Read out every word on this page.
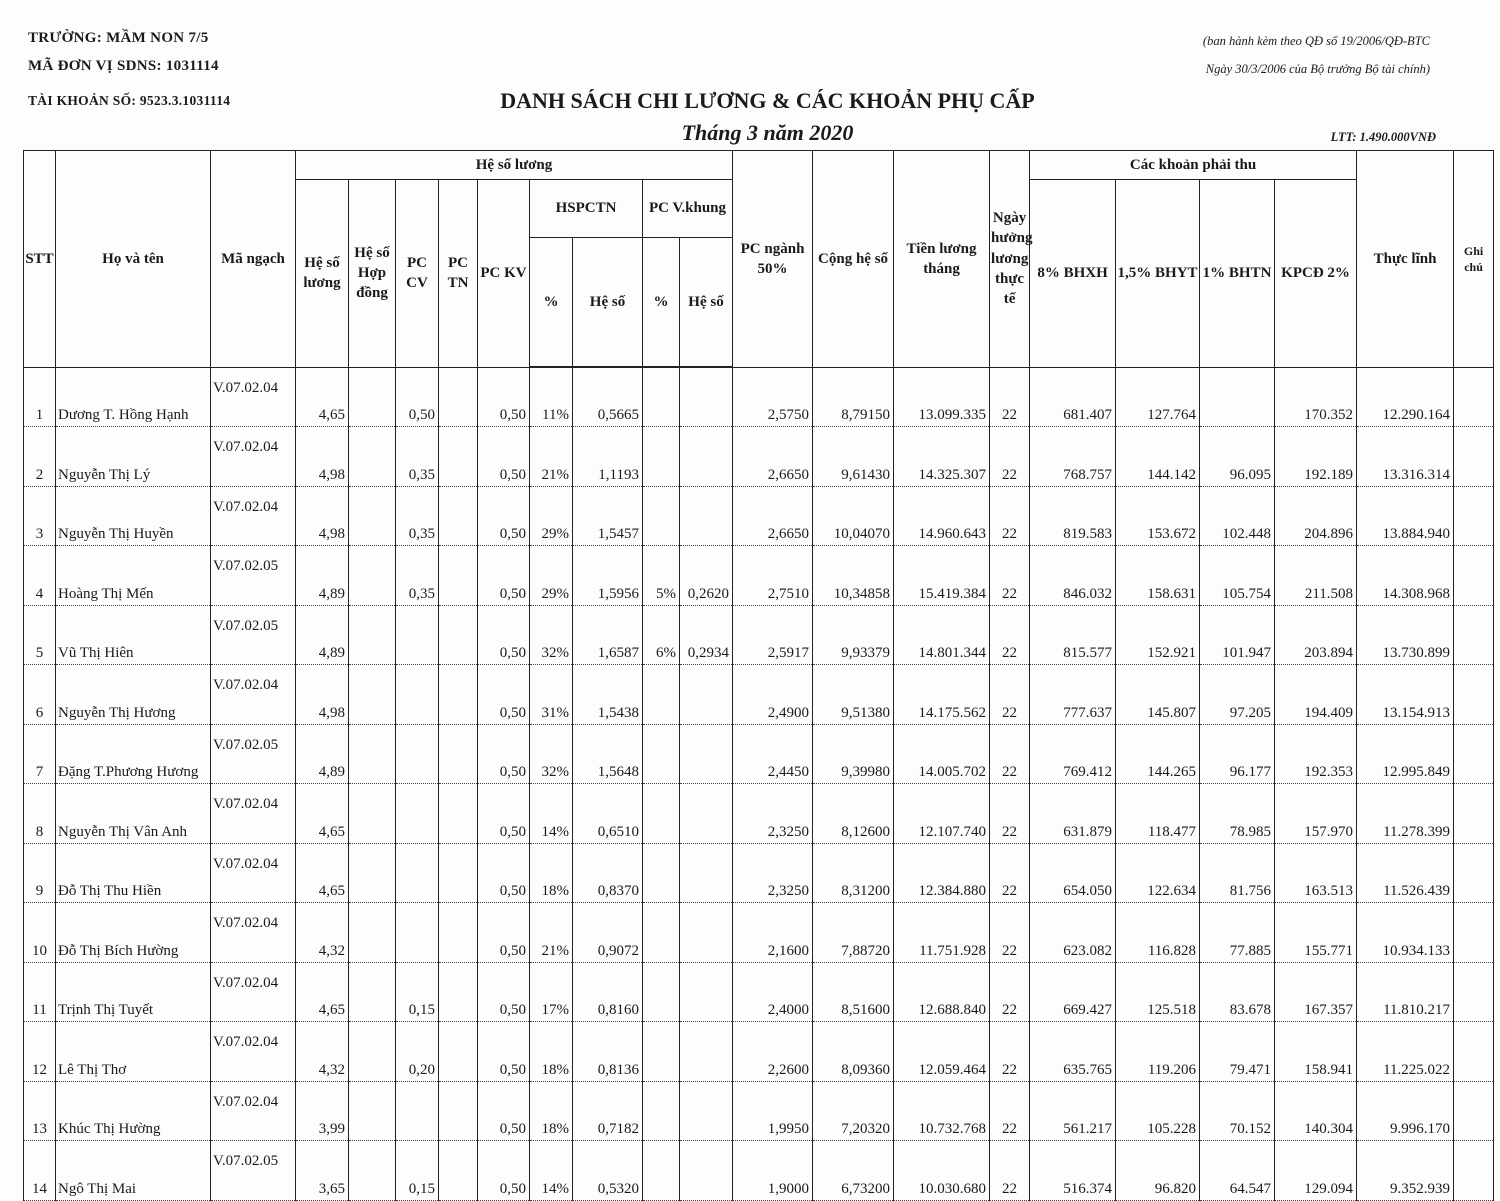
TRƯỜNG: MẦM NON 7/5
MÃ ĐƠN VỊ SDNS: 1031114
TÀI KHOẢN SỐ: 9523.3.1031114
(ban hành kèm theo QĐ số 19/2006/QĐ-BTC
Ngày 30/3/2006 của Bộ trưởng Bộ tài chính)
DANH SÁCH CHI LƯƠNG & CÁC KHOẢN PHỤ CẤP
Tháng 3 năm 2020	LTT: 1.490.000VNĐ
STT	Họ và tên	Mã ngạch	Hệ số lương									PC ngành 50%	Cộng hệ số	Tiền lương tháng	Ngày hưởng lương thực tế	Các khoản phải thu				Thực lĩnh	Ghi chú
			Hệ số lương	Hệ số Hợp đồng	PC CV	PC TN	PC KV	HSPCTN		PC V.khung						8% BHXH	1,5% BHYT	1% BHTN	KPCĐ 2%		
								%	Hệ số	%	Hệ số										
1	Dương T. Hồng Hạnh	V.07.02.04	4,65		0,50		0,50	11%	0,5665			2,5750	8,79150	13.099.335	22	681.407	127.764		170.352	12.290.164	
2	Nguyễn Thị Lý	V.07.02.04	4,98		0,35		0,50	21%	1,1193			2,6650	9,61430	14.325.307	22	768.757	144.142	96.095	192.189	13.316.314	
3	Nguyễn Thị Huyền	V.07.02.04	4,98		0,35		0,50	29%	1,5457			2,6650	10,04070	14.960.643	22	819.583	153.672	102.448	204.896	13.884.940	
4	Hoàng Thị Mến	V.07.02.05	4,89		0,35		0,50	29%	1,5956	5%	0,2620	2,7510	10,34858	15.419.384	22	846.032	158.631	105.754	211.508	14.308.968	
5	Vũ Thị Hiên	V.07.02.05	4,89				0,50	32%	1,6587	6%	0,2934	2,5917	9,93379	14.801.344	22	815.577	152.921	101.947	203.894	13.730.899	
6	Nguyễn Thị Hương	V.07.02.04	4,98				0,50	31%	1,5438			2,4900	9,51380	14.175.562	22	777.637	145.807	97.205	194.409	13.154.913	
7	Đặng T.Phương Hương	V.07.02.05	4,89				0,50	32%	1,5648			2,4450	9,39980	14.005.702	22	769.412	144.265	96.177	192.353	12.995.849	
8	Nguyễn Thị Vân Anh	V.07.02.04	4,65				0,50	14%	0,6510			2,3250	8,12600	12.107.740	22	631.879	118.477	78.985	157.970	11.278.399	
9	Đỗ Thị Thu Hiền	V.07.02.04	4,65				0,50	18%	0,8370			2,3250	8,31200	12.384.880	22	654.050	122.634	81.756	163.513	11.526.439	
10	Đỗ Thị Bích Hường	V.07.02.04	4,32				0,50	21%	0,9072			2,1600	7,88720	11.751.928	22	623.082	116.828	77.885	155.771	10.934.133	
11	Trịnh Thị Tuyết	V.07.02.04	4,65		0,15		0,50	17%	0,8160			2,4000	8,51600	12.688.840	22	669.427	125.518	83.678	167.357	11.810.217	
12	Lê Thị Thơ	V.07.02.04	4,32		0,20		0,50	18%	0,8136			2,2600	8,09360	12.059.464	22	635.765	119.206	79.471	158.941	11.225.022	
13	Khúc Thị Hường	V.07.02.04	3,99				0,50	18%	0,7182			1,9950	7,20320	10.732.768	22	561.217	105.228	70.152	140.304	9.996.170	
14	Ngô Thị Mai	V.07.02.05	3,65		0,15		0,50	14%	0,5320			1,9000	6,73200	10.030.680	22	516.374	96.820	64.547	129.094	9.352.939	
